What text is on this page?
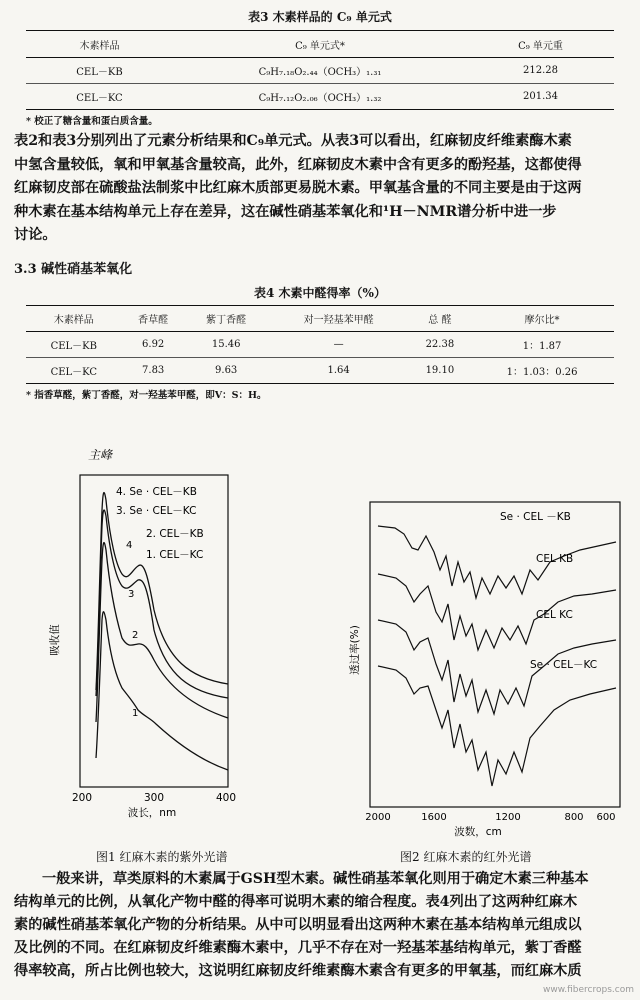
表3 木素样品的 C₉ 单元式
木素样品	C₉ 单元式*	C₉ 单元重
CEL－KB	C₉H₇.₁₈O₂.₄₄（OCH₃）₁.₃₁	212.28
CEL－KC	C₉H₇.₁₂O₂.₀₆（OCH₃）₁.₃₂	201.34
* 校正了糖含量和蛋白质含量。
表2和表3分别列出了元素分析结果和C₉单元式。从表3可以看出，红麻韧皮纤维素酶木素
中氢含量较低，氧和甲氧基含量较高，此外，红麻韧皮木素中含有更多的酚羟基，这都使得
红麻韧皮部在硫酸盐法制浆中比红麻木质部更易脱木素。甲氧基含量的不同主要是由于这两
种木素在基本结构单元上存在差异，这在碱性硝基苯氧化和¹H－NMR谱分析中进一步
讨论。
3.3 碱性硝基苯氧化
表4 木素中醛得率（%）
木素样品	香草醛	紫丁香醛	对一羟基苯甲醛	总 醛	摩尔比*
CEL－KB	6.92	15.46	—	22.38	1：1.87
CEL－KC	7.83	9.63	1.64	19.10	1：1.03：0.26
* 指香草醛，紫丁香醛，对一羟基苯甲醛，即V：S：H。
主峰
4. Se · CEL－KB
3. Se · CEL－KC
2. CEL－KB
1. CEL－KC
4
3
2
1
吸收值
200	300	400
波长，nm
图1 红麻木素的紫外光谱
Se · CEL －KB
CEL KB
CEL KC
Se · CEL－KC
透过率(%)
2000	1600	1200	800 600
波数，cm
图2 红麻木素的红外光谱
一般来讲，草类原料的木素属于GSH型木素。碱性硝基苯氧化则用于确定木素三种基本
结构单元的比例，从氧化产物中醛的得率可说明木素的缩合程度。表4列出了这两种红麻木
素的碱性硝基苯氧化产物的分析结果。从中可以明显看出这两种木素在基本结构单元组成以
及比例的不同。在红麻韧皮纤维素酶木素中，几乎不存在对一羟基苯基结构单元，紫丁香醛
得率较高，所占比例也较大，这说明红麻韧皮纤维素酶木素含有更多的甲氧基，而红麻木质
www.fibercrops.com
